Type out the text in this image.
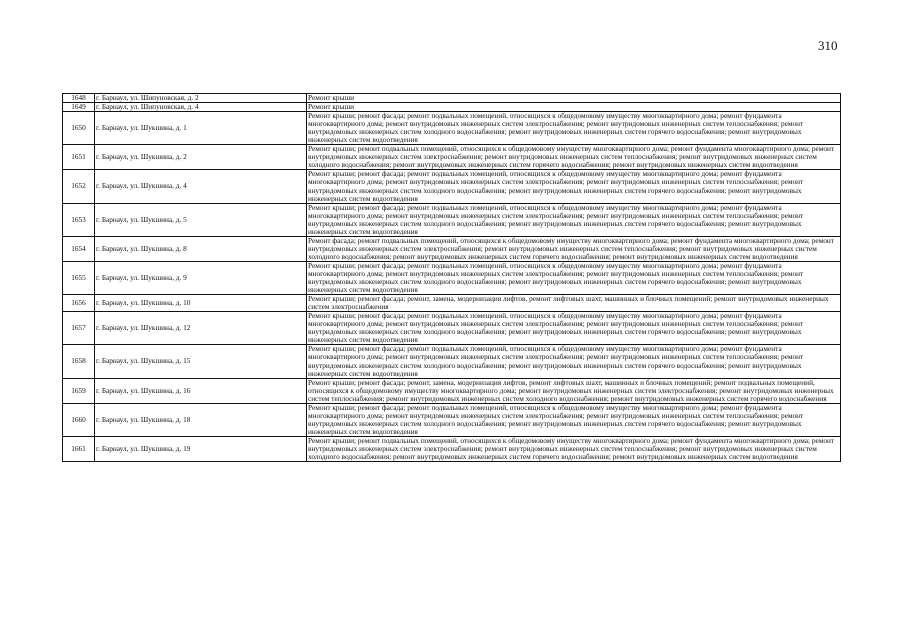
310
1648	г. Барнаул, ул. Шипуновская, д. 2	Ремонт крыши
1649	г. Барнаул, ул. Шипуновская, д. 4	Ремонт крыши
1650	г. Барнаул, ул. Шукшина, д. 1	Ремонт крыши; ремонт фасада; ремонт подвальных помещений, относящихся к общедомовому имуществу многоквартирного дома; ремонт фундамента многоквартирного дома; ремонт внутридомовых инженерных систем электроснабжения; ремонт внутридомовых инженерных систем теплоснабжения; ремонт внутридомовых инженерных систем холодного водоснабжения; ремонт внутридомовых инженерных систем горячего водоснабжения; ремонт внутридомовых инженерных систем водоотведения
1651	г. Барнаул, ул. Шукшина, д. 2	Ремонт крыши; ремонт подвальных помещений, относящихся к общедомовому имуществу многоквартирного дома; ремонт фундамента многоквартирного дома; ремонт внутридомовых инженерных систем электроснабжения; ремонт внутридомовых инженерных систем теплоснабжения; ремонт внутридомовых инженерных систем холодного водоснабжения; ремонт внутридомовых инженерных систем горячего водоснабжения; ремонт внутридомовых инженерных систем водоотведения
1652	г. Барнаул, ул. Шукшина, д. 4	Ремонт крыши; ремонт фасада; ремонт подвальных помещений, относящихся к общедомовому имуществу многоквартирного дома; ремонт фундамента многоквартирного дома; ремонт внутридомовых инженерных систем электроснабжения; ремонт внутридомовых инженерных систем теплоснабжения; ремонт внутридомовых инженерных систем холодного водоснабжения; ремонт внутридомовых инженерных систем горячего водоснабжения; ремонт внутридомовых инженерных систем водоотведения
1653	г. Барнаул, ул. Шукшина, д. 5	Ремонт крыши; ремонт фасада; ремонт подвальных помещений, относящихся к общедомовому имуществу многоквартирного дома; ремонт фундамента многоквартирного дома; ремонт внутридомовых инженерных систем электроснабжения; ремонт внутридомовых инженерных систем теплоснабжения; ремонт внутридомовых инженерных систем холодного водоснабжения; ремонт внутридомовых инженерных систем горячего водоснабжения; ремонт внутридомовых инженерных систем водоотведения
1654	г. Барнаул, ул. Шукшина, д. 8	Ремонт фасада; ремонт подвальных помещений, относящихся к общедомовому имуществу многоквартирного дома; ремонт фундамента многоквартирного дома; ремонт внутридомовых инженерных систем электроснабжения; ремонт внутридомовых инженерных систем теплоснабжения; ремонт внутридомовых инженерных систем холодного водоснабжения; ремонт внутридомовых инженерных систем горячего водоснабжения; ремонт внутридомовых инженерных систем водоотведения
1655	г. Барнаул, ул. Шукшина, д. 9	Ремонт крыши; ремонт фасада; ремонт подвальных помещений, относящихся к общедомовому имуществу многоквартирного дома; ремонт фундамента многоквартирного дома; ремонт внутридомовых инженерных систем электроснабжения; ремонт внутридомовых инженерных систем теплоснабжения; ремонт внутридомовых инженерных систем холодного водоснабжения; ремонт внутридомовых инженерных систем горячего водоснабжения; ремонт внутридомовых инженерных систем водоотведения
1656	г. Барнаул, ул. Шукшина, д. 10	Ремонт крыши; ремонт фасада; ремонт, замена, модернизация лифтов, ремонт лифтовых шахт, машинных и блочных помещений; ремонт внутридомовых инженерных систем электроснабжения
1657	г. Барнаул, ул. Шукшина, д. 12	Ремонт крыши; ремонт фасада; ремонт подвальных помещений, относящихся к общедомовому имуществу многоквартирного дома; ремонт фундамента многоквартирного дома; ремонт внутридомовых инженерных систем электроснабжения; ремонт внутридомовых инженерных систем теплоснабжения; ремонт внутридомовых инженерных систем холодного водоснабжения; ремонт внутридомовых инженерных систем горячего водоснабжения; ремонт внутридомовых инженерных систем водоотведения
1658	г. Барнаул, ул. Шукшина, д. 15	Ремонт крыши; ремонт фасада; ремонт подвальных помещений, относящихся к общедомовому имуществу многоквартирного дома; ремонт фундамента многоквартирного дома; ремонт внутридомовых инженерных систем электроснабжения; ремонт внутридомовых инженерных систем теплоснабжения; ремонт внутридомовых инженерных систем холодного водоснабжения; ремонт внутридомовых инженерных систем горячего водоснабжения; ремонт внутридомовых инженерных систем водоотведения
1659	г. Барнаул, ул. Шукшина, д. 16	Ремонт крыши; ремонт фасада; ремонт, замена, модернизация лифтов, ремонт лифтовых шахт, машинных и блочных помещений; ремонт подвальных помещений, относящихся к общедомовому имуществу многоквартирного дома; ремонт внутридомовых инженерных систем электроснабжения; ремонт внутридомовых инженерных систем теплоснабжения; ремонт внутридомовых инженерных систем холодного водоснабжения; ремонт внутридомовых инженерных систем горячего водоснабжения
1660	г. Барнаул, ул. Шукшина, д. 18	Ремонт крыши; ремонт фасада; ремонт подвальных помещений, относящихся к общедомовому имуществу многоквартирного дома; ремонт фундамента многоквартирного дома; ремонт внутридомовых инженерных систем электроснабжения; ремонт внутридомовых инженерных систем теплоснабжения; ремонт внутридомовых инженерных систем холодного водоснабжения; ремонт внутридомовых инженерных систем горячего водоснабжения; ремонт внутридомовых инженерных систем водоотведения
1661	г. Барнаул, ул. Шукшина, д. 19	Ремонт крыши; ремонт подвальных помещений, относящихся к общедомовому имуществу многоквартирного дома; ремонт фундамента многоквартирного дома; ремонт внутридомовых инженерных систем электроснабжения; ремонт внутридомовых инженерных систем теплоснабжения; ремонт внутридомовых инженерных систем холодного водоснабжения; ремонт внутридомовых инженерных систем горячего водоснабжения; ремонт внутридомовых инженерных систем водоотведения
